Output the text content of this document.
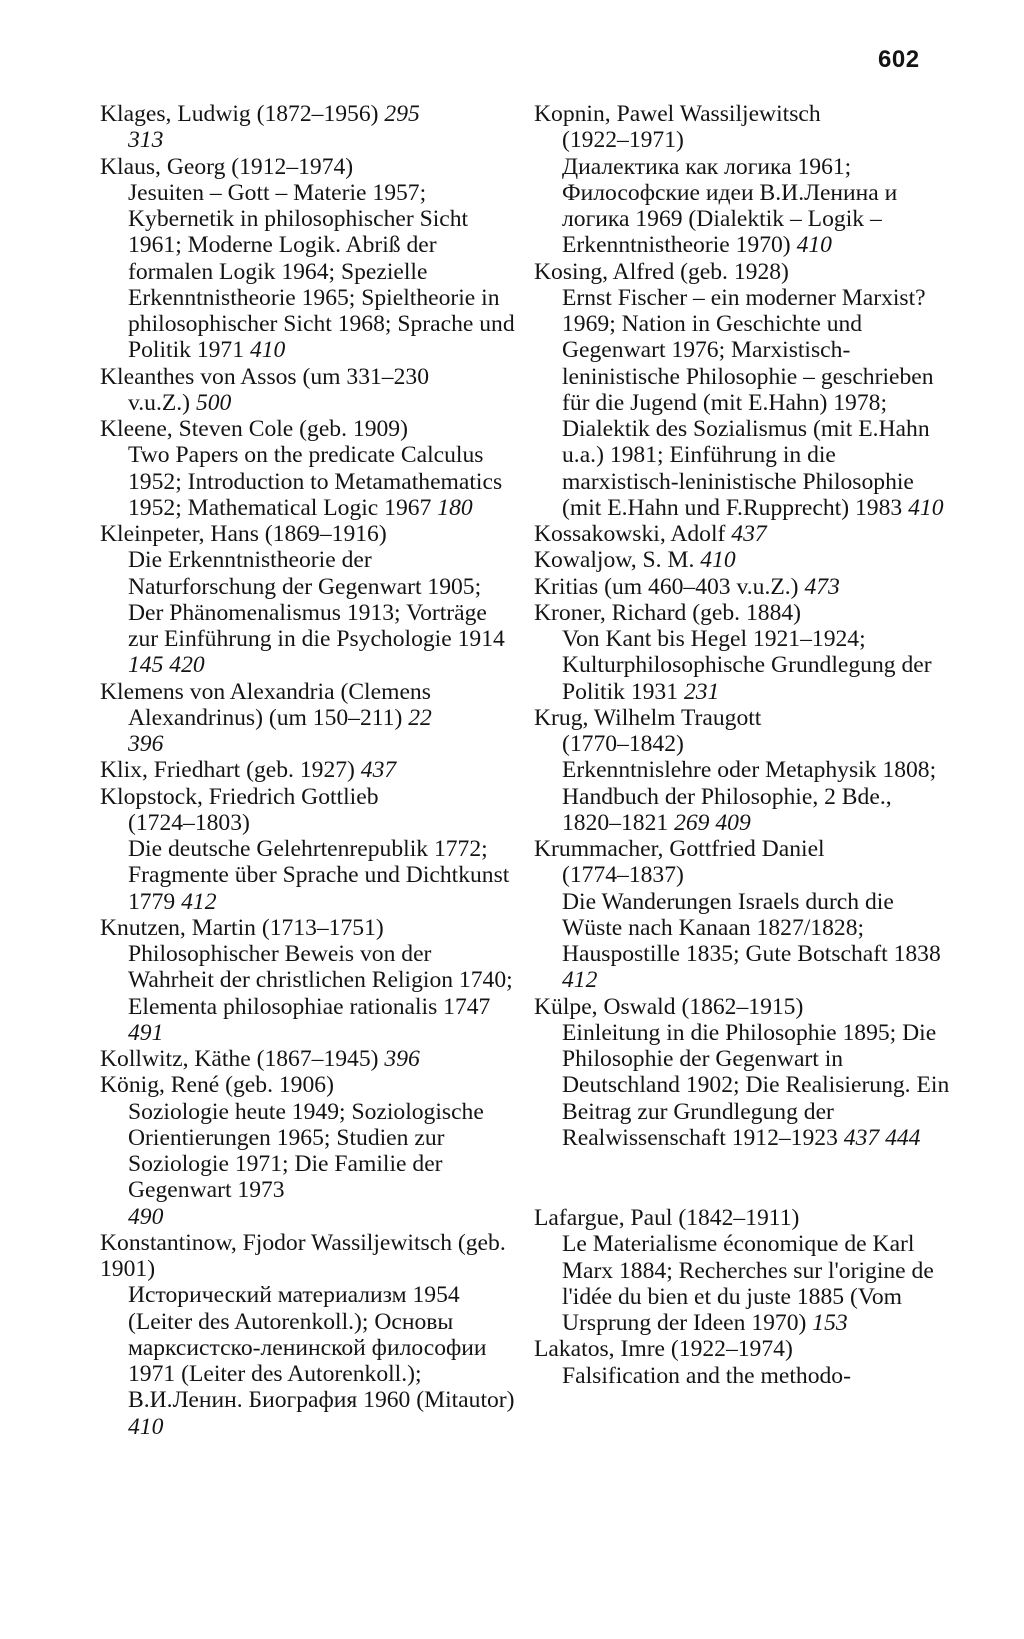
602
Klages, Ludwig (1872–1956) 295
313
Klaus, Georg (1912–1974)
Jesuiten – Gott – Materie 1957; Kybernetik in philosophischer Sicht 1961; Moderne Logik. Abriß der formalen Logik 1964; Spezielle Erkenntnistheorie 1965; Spieltheorie in philosophischer Sicht 1968; Sprache und Politik 1971 410
Kleanthes von Assos (um 331–230
v.u.Z.) 500
Kleene, Steven Cole (geb. 1909)
Two Papers on the predicate Calculus 1952; Introduction to Metamathematics 1952; Mathematical Logic 1967 180
Kleinpeter, Hans (1869–1916)
Die Erkenntnistheorie der Naturforschung der Gegenwart 1905; Der Phänomenalismus 1913; Vorträge zur Einführung in die Psychologie 1914 145 420
Klemens von Alexandria (Clemens
Alexandrinus) (um 150–211) 22
396
Klix, Friedhart (geb. 1927) 437
Klopstock, Friedrich Gottlieb
(1724–1803)
Die deutsche Gelehrtenrepublik 1772; Fragmente über Sprache und Dichtkunst 1779 412
Knutzen, Martin (1713–1751)
Philosophischer Beweis von der Wahrheit der christlichen Religion 1740; Elementa philosophiae rationalis 1747 491
Kollwitz, Käthe (1867–1945) 396
König, René (geb. 1906)
Soziologie heute 1949; Soziologische Orientierungen 1965; Studien zur Soziologie 1971; Die Familie der Gegenwart 1973
490
Konstantinow, Fjodor Wassiljewitsch (geb. 1901)
Исторический материализм 1954 (Leiter des Autorenkoll.); Основы марксистско-ленинской философии 1971 (Leiter des Autorenkoll.); В.И.Ленин. Биография 1960 (Mitautor)
410
Kopnin, Pawel Wassiljewitsch
(1922–1971)
Диалектика как логика 1961; Философские идеи В.И.Ленина и логика 1969 (Dialektik – Logik – Erkenntnistheorie 1970) 410
Kosing, Alfred (geb. 1928)
Ernst Fischer – ein moderner Marxist? 1969; Nation in Geschichte und Gegenwart 1976; Marxistisch-leninistische Philosophie – geschrieben für die Jugend (mit E.Hahn) 1978; Dialektik des Sozialismus (mit E.Hahn u.a.) 1981; Einführung in die marxistisch-leninistische Philosophie (mit E.Hahn und F.Rupprecht) 1983 410
Kossakowski, Adolf 437
Kowaljow, S. M. 410
Kritias (um 460–403 v.u.Z.) 473
Kroner, Richard (geb. 1884)
Von Kant bis Hegel 1921–1924; Kulturphilosophische Grundlegung der Politik 1931 231
Krug, Wilhelm Traugott
(1770–1842)
Erkenntnislehre oder Metaphysik 1808; Handbuch der Philosophie, 2 Bde., 1820–1821 269 409
Krummacher, Gottfried Daniel
(1774–1837)
Die Wanderungen Israels durch die Wüste nach Kanaan 1827/1828; Hauspostille 1835; Gute Botschaft 1838 412
Külpe, Oswald (1862–1915)
Einleitung in die Philosophie 1895; Die Philosophie der Gegenwart in Deutschland 1902; Die Realisierung. Ein Beitrag zur Grundlegung der Realwissenschaft 1912–1923 437 444
Lafargue, Paul (1842–1911)
Le Materialisme économique de Karl Marx 1884; Recherches sur l'origine de l'idée du bien et du juste 1885 (Vom Ursprung der Ideen 1970) 153
Lakatos, Imre (1922–1974)
Falsification and the methodo-
